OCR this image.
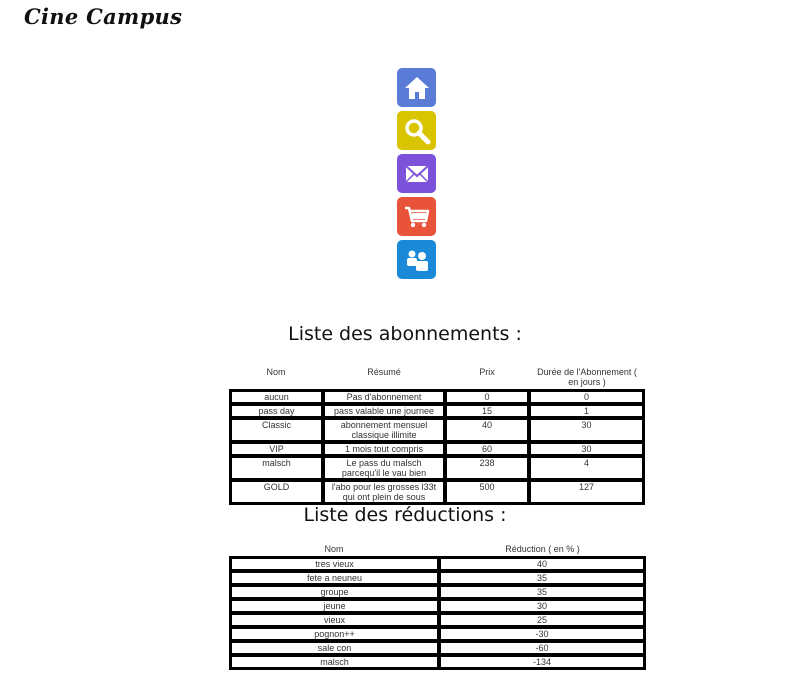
Cine Campus
Liste des abonnements :
Nom	Résumé	Prix	Durée de l'Abonnement ( en jours )
aucun	Pas d'abonnement	0	0
pass day	pass valable une journee	15	1
Classic	abonnement mensuel classique illimite	40	30
VIP	1 mois tout compris	60	30
malsch	Le pass du malsch parcequ'il le vau bien	238	4
GOLD	l'abo pour les grosses l33t qui ont plein de sous	500	127
Liste des réductions :
Nom	Réduction ( en % )
tres vieux	40
fete a neuneu	35
groupe	35
jeune	30
vieux	25
pognon++	-30
sale con	-60
malsch	-134
